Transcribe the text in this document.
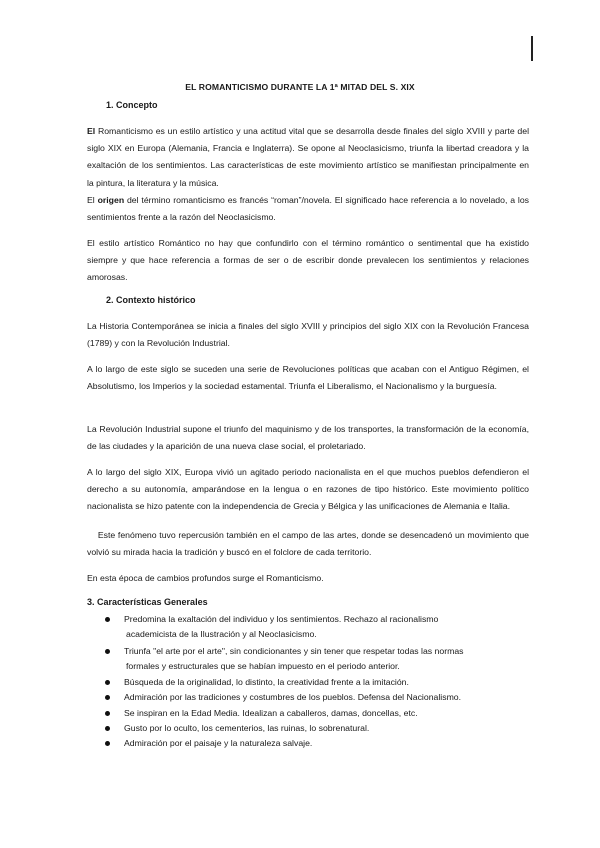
EL ROMANTICISMO DURANTE LA 1ª MITAD DEL S. XIX
1. Concepto
El Romanticismo es un estilo artístico y una actitud vital que se desarrolla desde finales del siglo XVIII y parte del siglo XIX en Europa (Alemania, Francia e Inglaterra). Se opone al Neoclasicismo, triunfa la libertad creadora y la exaltación de los sentimientos. Las características de este movimiento artístico se manifiestan principalmente en la pintura, la literatura y la música.
El origen del término romanticismo es francés “roman”/novela. El significado hace referencia a lo novelado, a los sentimientos frente a la razón del Neoclasicismo.
El estilo artístico Romántico no hay que confundirlo con el término romántico o sentimental que ha existido siempre y que hace referencia a formas de ser o de escribir donde prevalecen los sentimientos y relaciones amorosas.
2. Contexto histórico
La Historia Contemporánea se inicia a finales del siglo XVIII y principios del siglo XIX con la Revolución Francesa (1789) y con la Revolución Industrial.
A lo largo de este siglo se suceden una serie de Revoluciones políticas que acaban con el Antiguo Régimen, el Absolutismo, los Imperios y la sociedad estamental. Triunfa el Liberalismo, el Nacionalismo y la burguesía.
La Revolución Industrial supone el triunfo del maquinismo y de los transportes, la transformación de la economía, de las ciudades y la aparición de una nueva clase social, el proletariado.
A lo largo del siglo XIX, Europa vivió un agitado periodo nacionalista en el que muchos pueblos defendieron el derecho a su autonomía, amparándose en la lengua o en razones de tipo histórico. Este movimiento político nacionalista se hizo patente con la independencia de Grecia y Bélgica y las unificaciones de Alemania e Italia.
Este fenómeno tuvo repercusión también en el campo de las artes, donde se desencadenó un movimiento que volvió su mirada hacia la tradición y buscó en el folclore de cada territorio.
En esta época de cambios profundos surge el Romanticismo.
3. Características Generales
Predomina la exaltación del individuo y los sentimientos. Rechazo al racionalismo
academicista de la Ilustración y al Neoclasicismo.
Triunfa "el arte por el arte", sin condicionantes y sin tener que respetar todas las normas
formales y estructurales que se habían impuesto en el periodo anterior.
Búsqueda de la originalidad, lo distinto, la creatividad frente a la imitación.
Admiración por las tradiciones y costumbres de los pueblos. Defensa del Nacionalismo.
Se inspiran en la Edad Media. Idealizan a caballeros, damas, doncellas, etc.
Gusto por lo oculto, los cementerios, las ruinas, lo sobrenatural.
Admiración por el paisaje y la naturaleza salvaje.
